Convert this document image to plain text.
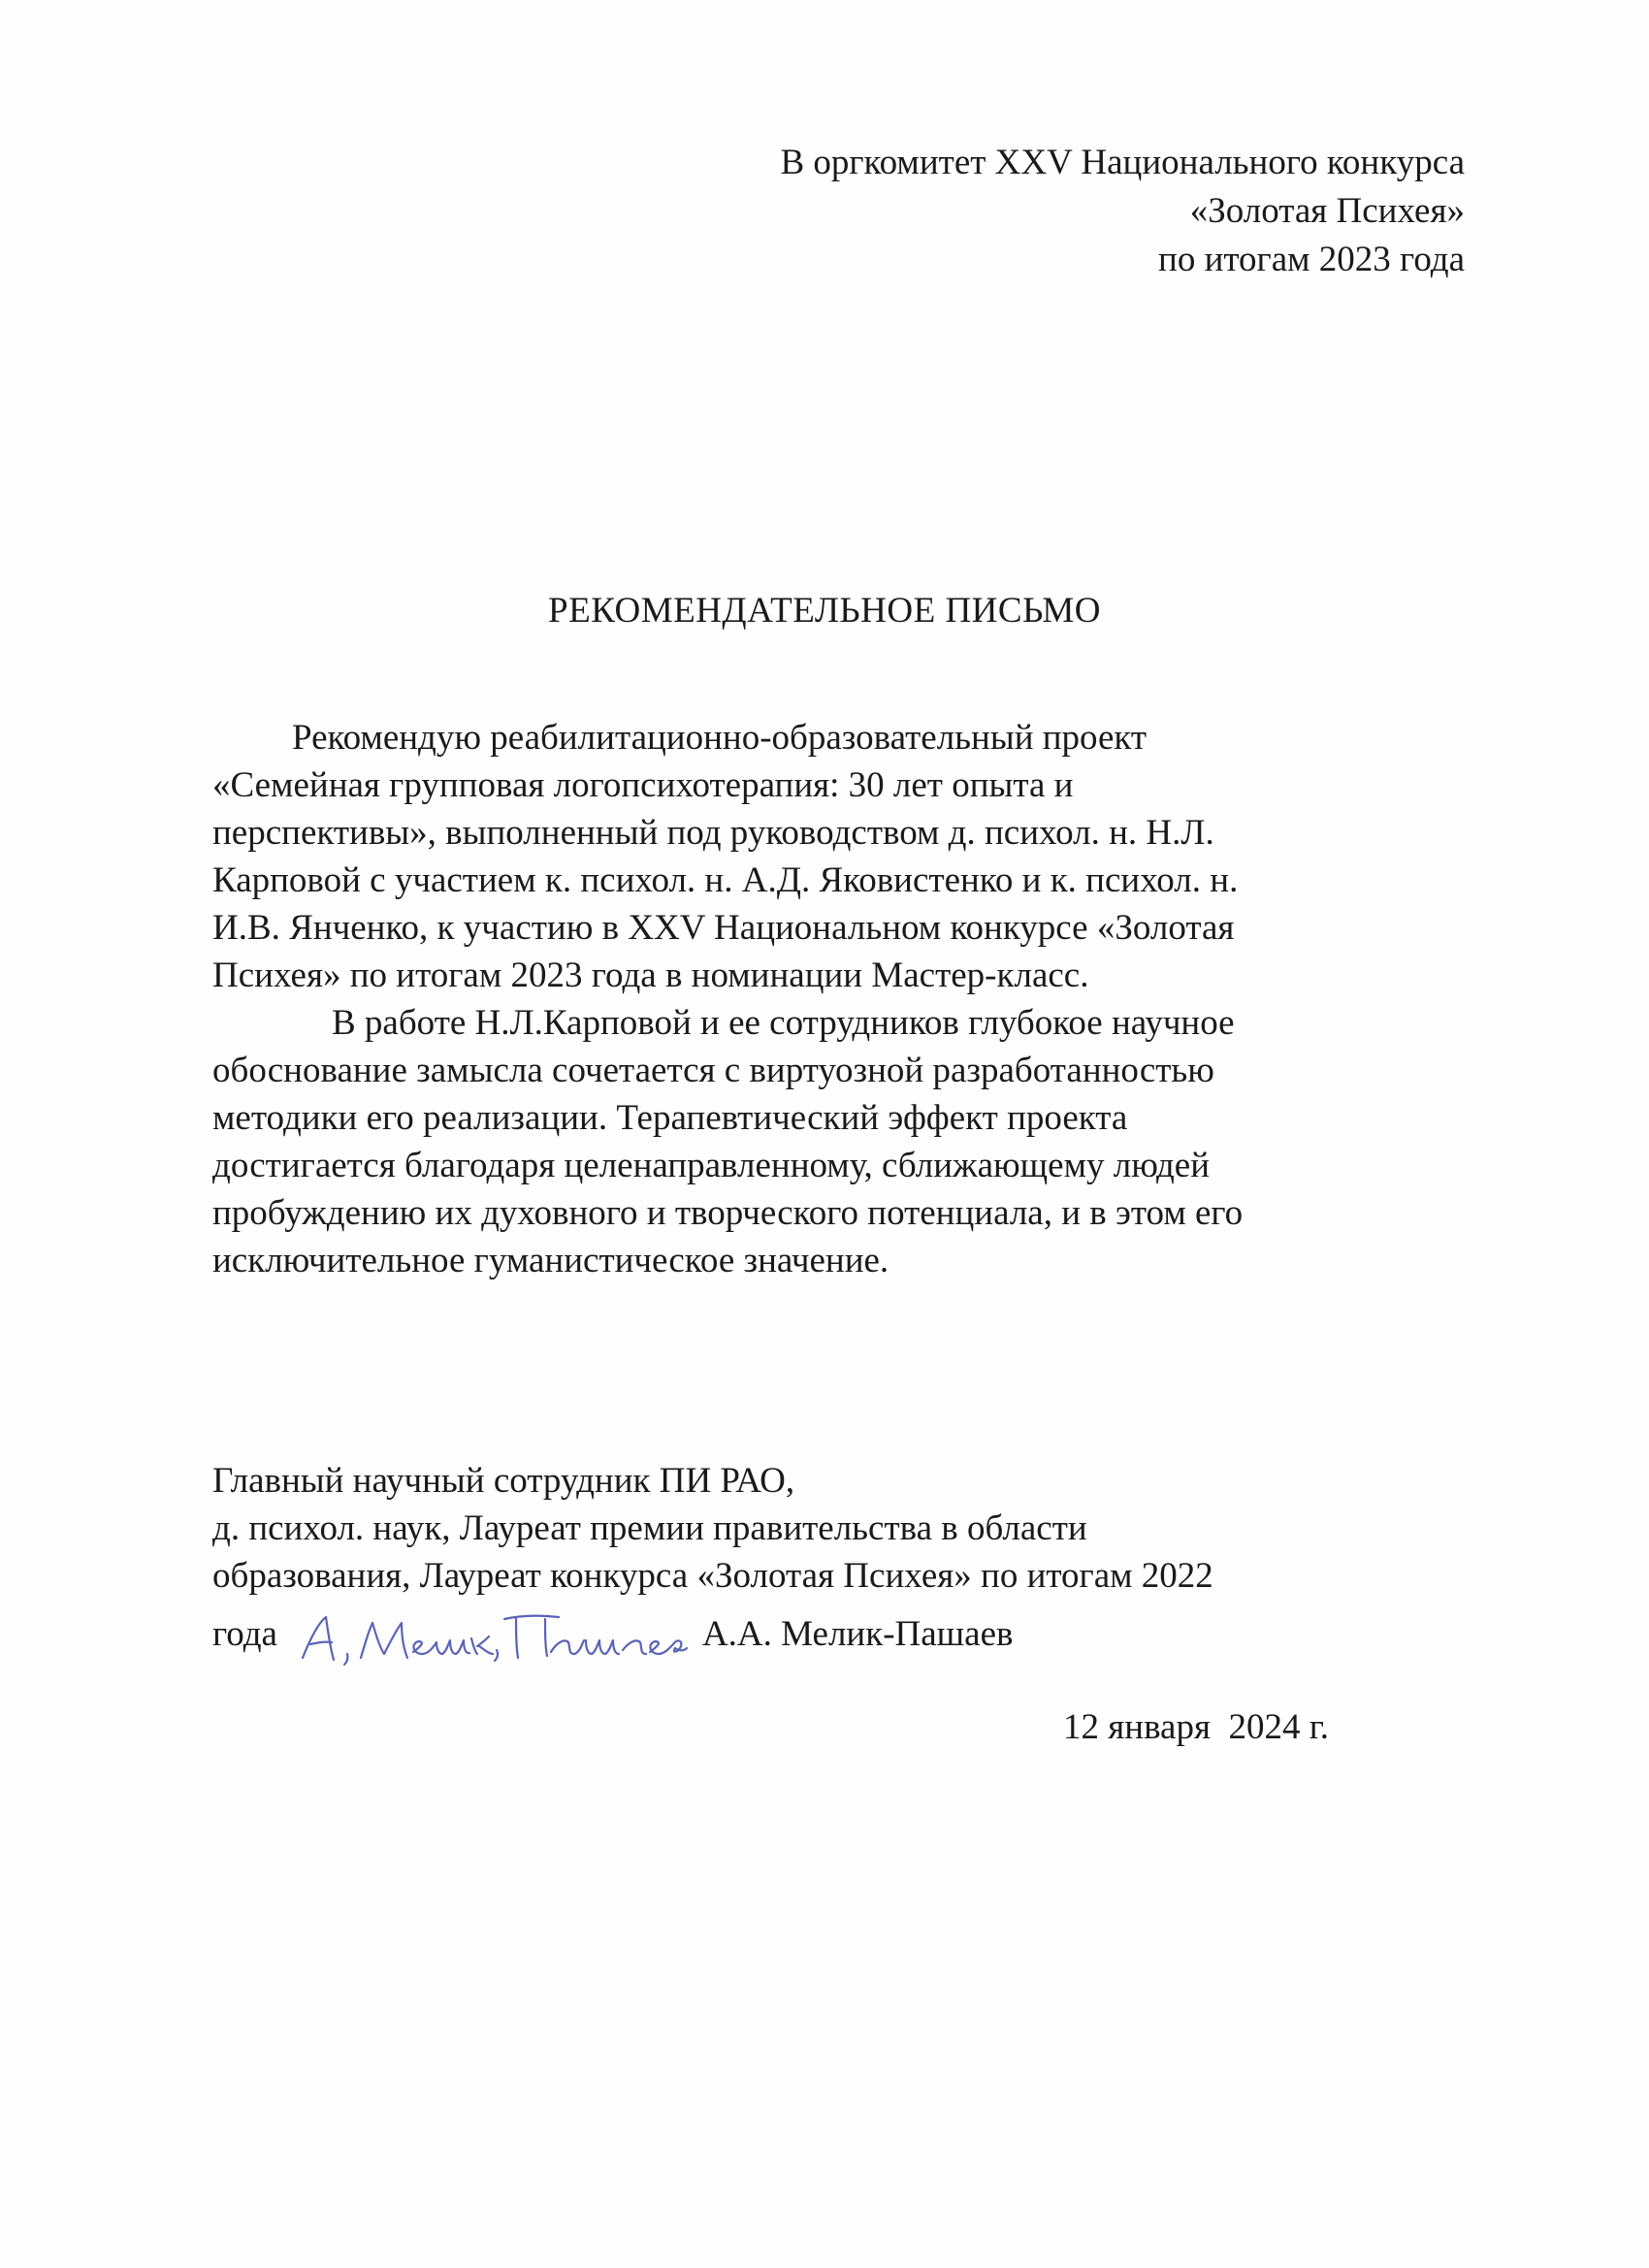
В оргкомитет XXV Национального конкурса
«Золотая Психея»
по итогам 2023 года
РЕКОМЕНДАТЕЛЬНОЕ ПИСЬМО
Рекомендую реабилитационно-образовательный проект
«Семейная групповая логопсихотерапия: 30 лет опыта и
перспективы», выполненный под руководством д. психол. н. Н.Л.
Карповой с участием к. психол. н. А.Д. Яковистенко и к. психол. н.
И.В. Янченко, к участию в XXV Национальном конкурсе «Золотая
Психея» по итогам 2023 года в номинации Мастер-класс.
В работе Н.Л.Карповой и ее сотрудников глубокое научное
обоснование замысла сочетается с виртуозной разработанностью
методики его реализации. Терапевтический эффект проекта
достигается благодаря целенаправленному, сближающему людей
пробуждению их духовного и творческого потенциала, и в этом его
исключительное гуманистическое значение.
Главный научный сотрудник ПИ РАО,
д. психол. наук, Лауреат премии правительства в области
образования, Лауреат конкурса «Золотая Психея» по итогам 2022
года	А.А. Мелик-Пашаев
12 января  2024 г.
